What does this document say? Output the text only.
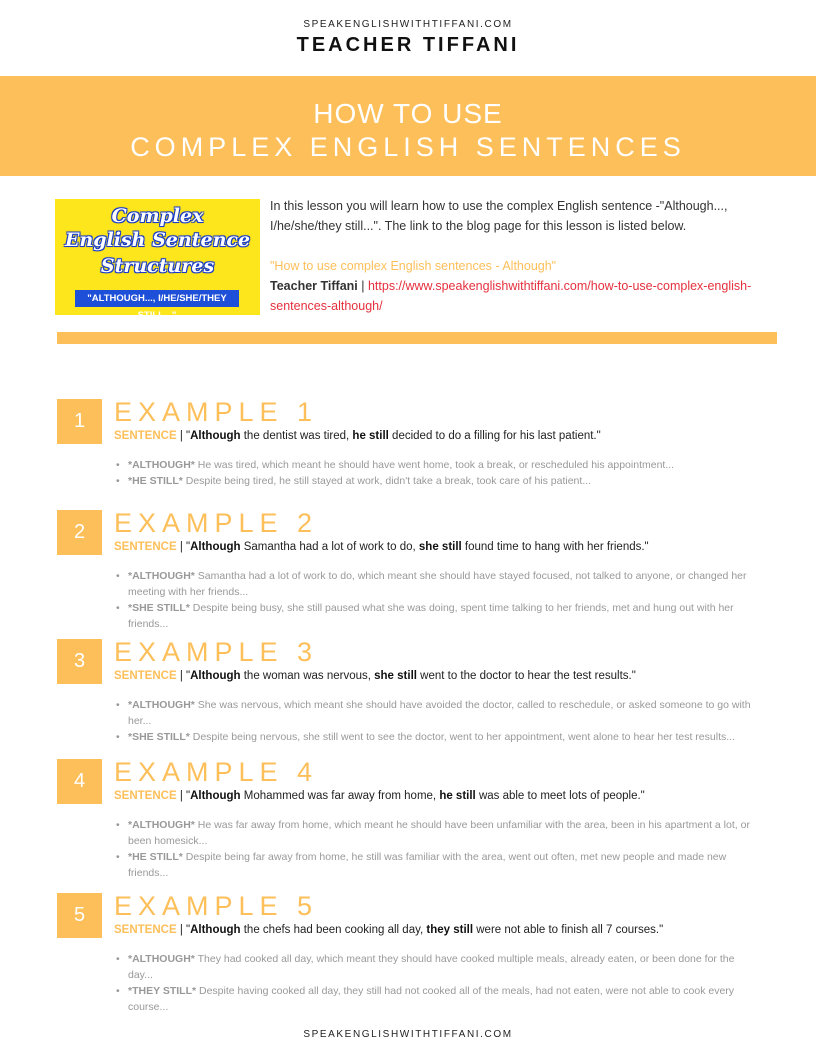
SPEAKENGLISHWITHTIFFANI.COM
TEACHER TIFFANI
HOW TO USE
COMPLEX ENGLISH SENTENCES
Complex
English Sentence
Structures
"ALTHOUGH..., I/HE/SHE/THEY STILL..."

In this lesson you will learn how to use the complex English sentence -"Although..., I/he/she/they still...". The link to the blog page for this lesson is listed below.

"How to use complex English sentences - Although"

Teacher Tiffani | https://www.speakenglishwithtiffani.com/how-to-use-complex-english-sentences-although/

1	EXAMPLE 1
SENTENCE | "Although the dentist was tired, he still decided to do a filling for his last patient."
• *ALTHOUGH* He was tired, which meant he should have went home, took a break, or rescheduled his appointment...
• *HE STILL* Despite being tired, he still stayed at work, didn't take a break, took care of his patient...
2	EXAMPLE 2
SENTENCE | "Although Samantha had a lot of work to do, she still found time to hang with her friends."
• *ALTHOUGH* Samantha had a lot of work to do, which meant she should have stayed focused, not talked to anyone, or changed her meeting with her friends...
• *SHE STILL* Despite being busy, she still paused what she was doing, spent time talking to her friends, met and hung out with her friends...
3	EXAMPLE 3
SENTENCE | "Although the woman was nervous, she still went to the doctor to hear the test results."
• *ALTHOUGH* She was nervous, which meant she should have avoided the doctor, called to reschedule, or asked someone to go with her...
• *SHE STILL* Despite being nervous, she still went to see the doctor, went to her appointment, went alone to hear her test results...
4	EXAMPLE 4
SENTENCE | "Although Mohammed was far away from home, he still was able to meet lots of people."
• *ALTHOUGH* He was far away from home, which meant he should have been unfamiliar with the area, been in his apartment a lot, or been homesick...
• *HE STILL* Despite being far away from home, he still was familiar with the area, went out often, met new people and made new friends...
5	EXAMPLE 5
SENTENCE | "Although the chefs had been cooking all day, they still were not able to finish all 7 courses."
• *ALTHOUGH* They had cooked all day, which meant they should have cooked multiple meals, already eaten, or been done for the day...
• *THEY STILL* Despite having cooked all day, they still had not cooked all of the meals, had not eaten, were not able to cook every course...
SPEAKENGLISHWITHTIFFANI.COM
